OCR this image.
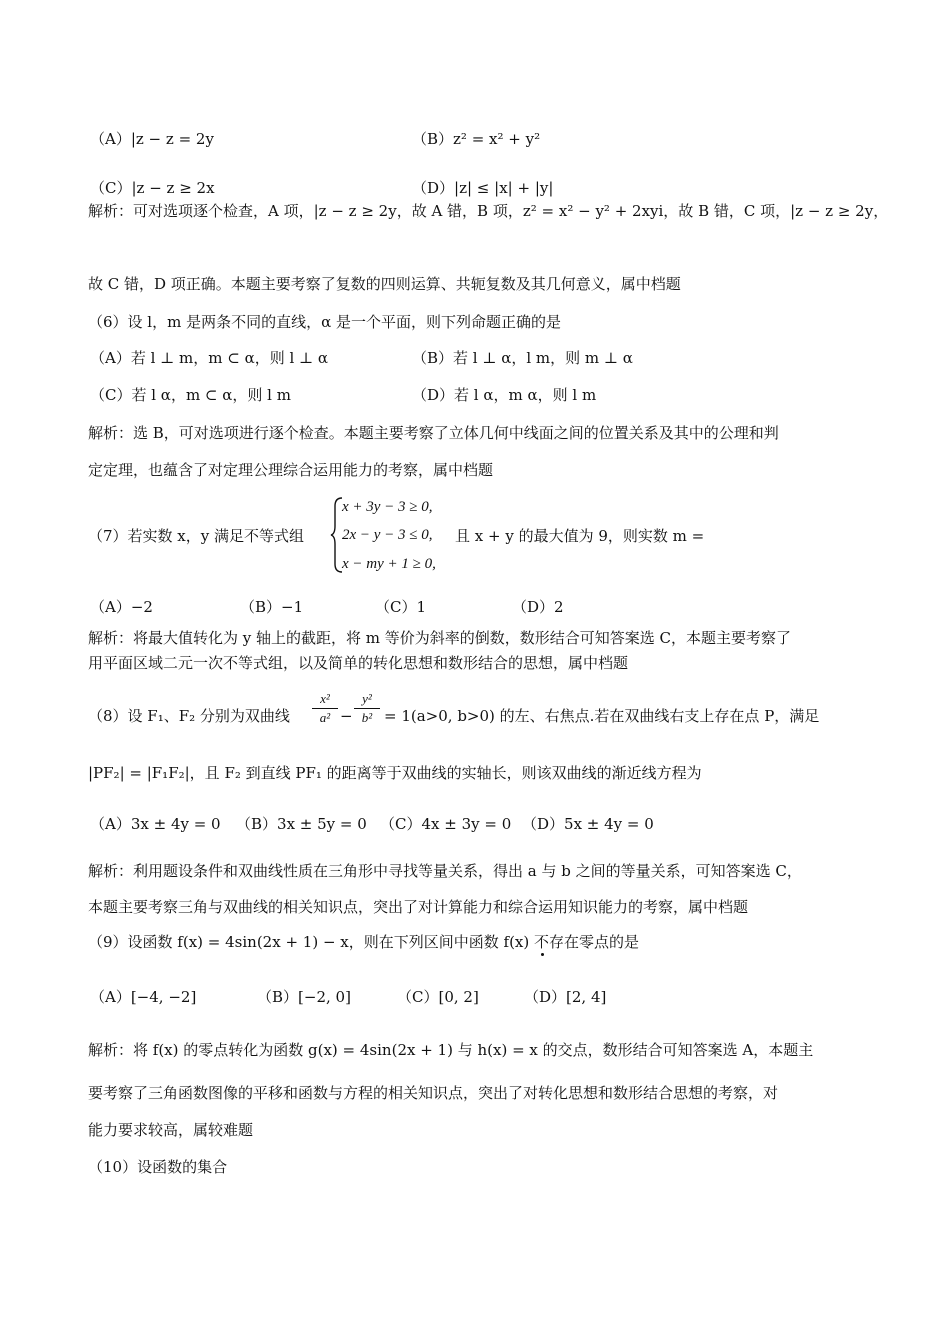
（A）|z − z = 2y	（B）z² = x² + y²
（C）|z − z ≥ 2x	（D）|z| ≤ |x| + |y|
解析：可对选项逐个检查，A 项，|z − z ≥ 2y，故 A 错，B 项，z² = x² − y² + 2xyi，故 B 错，C 项，|z − z ≥ 2y，
故 C 错，D 项正确。本题主要考察了复数的四则运算、共轭复数及其几何意义，属中档题
（6）设 l，m 是两条不同的直线，α 是一个平面，则下列命题正确的是
（A）若 l ⊥ m，m ⊂ α，则 l ⊥ α	（B）若 l ⊥ α，l m，则 m ⊥ α
（C）若 l α，m ⊂ α，则 l m	（D）若 l α，m α，则 l m
解析：选 B，可对选项进行逐个检查。本题主要考察了立体几何中线面之间的位置关系及其中的公理和判
定定理，也蕴含了对定理公理综合运用能力的考察，属中档题
（7）若实数 x，y 满足不等式组
x + 3y − 3 ≥ 0,
2x − y − 3 ≤ 0,
x − my + 1 ≥ 0,
且 x + y 的最大值为 9，则实数 m =
（A）−2	（B）−1	（C）1	（D）2
解析：将最大值转化为 y 轴上的截距，将 m 等价为斜率的倒数，数形结合可知答案选 C，本题主要考察了
用平面区域二元一次不等式组，以及简单的转化思想和数形结合的思想，属中档题
（8）设 F₁、F₂ 分别为双曲线
x²
a² −
y²
b² = 1(a>0, b>0) 的左、右焦点.若在双曲线右支上存在点 P，满足
|PF₂| = |F₁F₂|，且 F₂ 到直线 PF₁ 的距离等于双曲线的实轴长，则该双曲线的渐近线方程为
（A）3x ± 4y = 0 （B）3x ± 5y = 0 （C）4x ± 3y = 0 （D）5x ± 4y = 0
解析：利用题设条件和双曲线性质在三角形中寻找等量关系，得出 a 与 b 之间的等量关系，可知答案选 C，
本题主要考察三角与双曲线的相关知识点，突出了对计算能力和综合运用知识能力的考察，属中档题
（9）设函数 f(x) = 4sin(2x + 1) − x，则在下列区间中函数 f(x) 不存在零点的是
（A）[−4, −2]	（B）[−2, 0]	（C）[0, 2]	（D）[2, 4]
解析：将 f(x) 的零点转化为函数 g(x) = 4sin(2x + 1) 与 h(x) = x 的交点，数形结合可知答案选 A，本题主
要考察了三角函数图像的平移和函数与方程的相关知识点，突出了对转化思想和数形结合思想的考察，对
能力要求较高，属较难题
（10）设函数的集合
